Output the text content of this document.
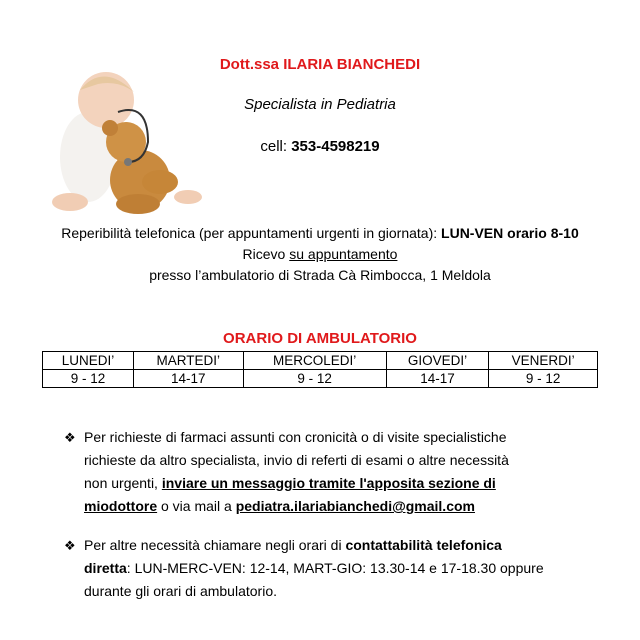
Dott.ssa ILARIA BIANCHEDI
Specialista in Pediatria
cell: 353-4598219
Reperibilità telefonica (per appuntamenti urgenti in giornata): LUN-VEN orario 8-10
Ricevo su appuntamento
presso l’ambulatorio di Strada Cà Rimbocca, 1 Meldola
ORARIO DI AMBULATORIO
LUNEDI’	MARTEDI’	MERCOLEDI’	GIOVEDI’	VENERDI’
9 - 12	14-17	9 - 12	14-17	9 - 12
❖ Per richieste di farmaci assunti con cronicità o di visite specialistiche
richieste da altro specialista, invio di referti di esami o altre necessità
non urgenti, inviare un messaggio tramite l'apposita sezione di
miodottore o via mail a pediatra.ilariabianchedi@gmail.com
❖ Per altre necessità chiamare negli orari di contattabilità telefonica
diretta: LUN-MERC-VEN: 12-14, MART-GIO: 13.30-14 e 17-18.30 oppure
durante gli orari di ambulatorio.
